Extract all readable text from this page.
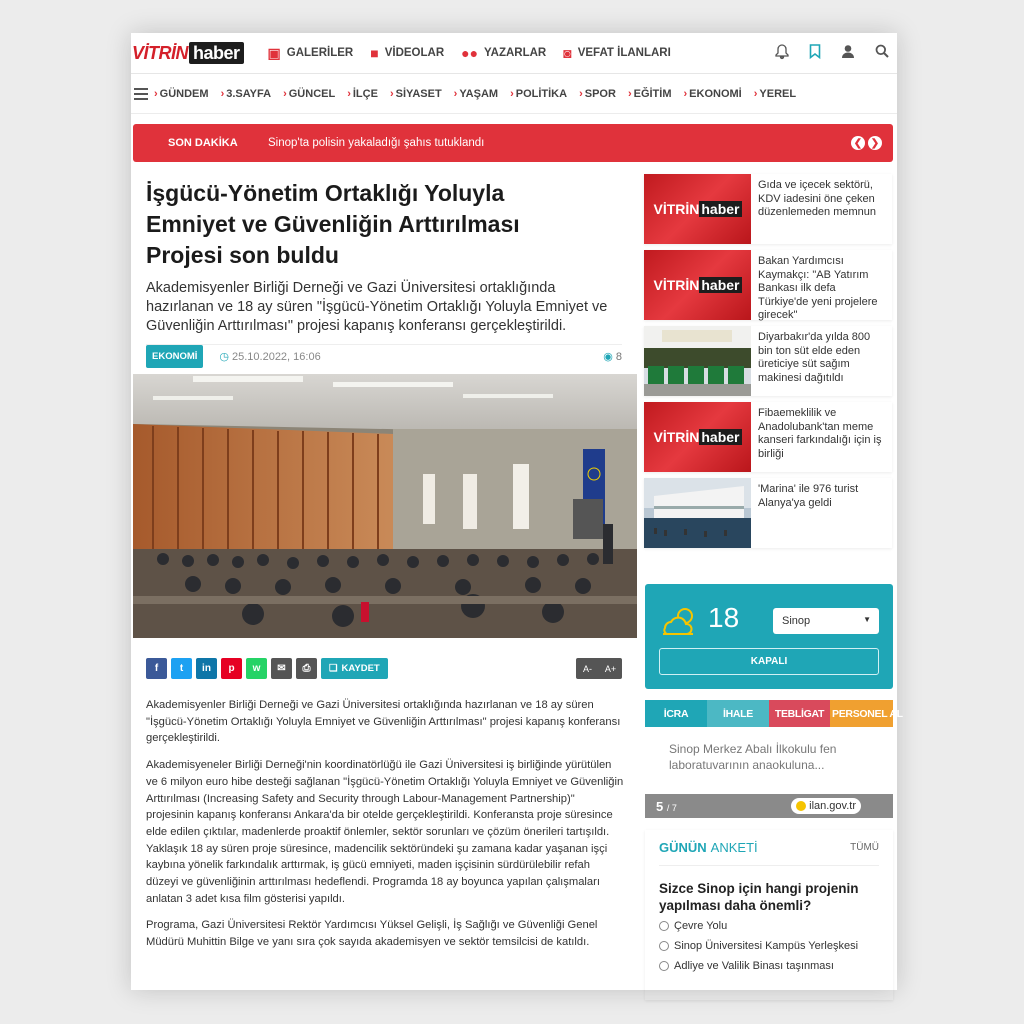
VİTRİN haber ▣ GALERİLER ■ VİDEOLAR ●● YAZARLAR ◙ VEFAT İLANLARI
› GÜNDEM › 3.SAYFA › GÜNCEL › İLÇE › SİYASET › YAŞAM › POLİTİKA › SPOR › EĞİTİM › EKONOMİ › YEREL
SON DAKİKA	Sinop'ta polisin yakaladığı şahıs tutuklandı	❮ ❯
İşgücü-Yönetim Ortaklığı Yoluyla Emniyet ve Güvenliğin Arttırılması Projesi son buldu

Akademisyenler Birliği Derneği ve Gazi Üniversitesi ortaklığında hazırlanan ve 18 ay süren "İşgücü-Yönetim Ortaklığı Yoluyla Emniyet ve Güvenliğin Arttırılması" projesi kapanış konferansı gerçekleştirildi.

EKONOMİ	◷ 25.10.2022, 16:06	◉ 8
f	t	in	p	w	✉	⎙	❏ KAYDET	A-	A+

Akademisyenler Birliği Derneği ve Gazi Üniversitesi ortaklığında hazırlanan ve 18 ay süren "İşgücü-Yönetim Ortaklığı Yoluyla Emniyet ve Güvenliğin Arttırılması" projesi kapanış konferansı gerçekleştirildi.

Akademisyeneler Birliği Derneği'nin koordinatörlüğü ile Gazi Üniversitesi iş birliğinde yürütülen ve 6 milyon euro hibe desteği sağlanan "İşgücü-Yönetim Ortaklığı Yoluyla Emniyet ve Güvenliğin Arttırılması (Increasing Safety and Security through Labour-Management Partnership)" projesinin kapanış konferansı Ankara'da bir otelde gerçekleştirildi. Konferansta proje süresince elde edilen çıktılar, madenlerde proaktif önlemler, sektör sorunları ve çözüm önerileri tartışıldı. Yaklaşık 18 ay süren proje süresince, madencilik sektöründeki şu zamana kadar yaşanan işçi kaybına yönelik farkındalık arttırmak, iş gücü emniyeti, maden işçisinin sürdürülebilir refah düzeyi ve güvenliğinin arttırılması hedeflendi. Programda 18 ay boyunca yapılan çalışmaları anlatan 3 adet kısa film gösterisi yapıldı.

Programa, Gazi Üniversitesi Rektör Yardımcısı Yüksel Gelişli, İş Sağlığı ve Güvenliği Genel Müdürü Muhittin Bilge ve yanı sıra çok sayıda akademisyen ve sektör temsilcisi de katıldı.

VİTRİN haber
Gıda ve içecek sektörü, KDV iadesini öne çeken düzenlemeden memnun
VİTRİN haber
Bakan Yardımcısı Kaymakçı: "AB Yatırım Bankası ilk defa Türkiye'de yeni projelere girecek"
Diyarbakır'da yılda 800 bin ton süt elde eden üreticiye süt sağım makinesi dağıtıldı
VİTRİN haber
Fibaemeklilik ve Anadolubank'tan meme kanseri farkındalığı için iş birliği
'Marina' ile 976 turist Alanya'ya geldi
18	Sinop	▼
KAPALI
İCRA	İHALE	TEBLİGAT PERSONEL AL
Sinop Merkez Abalı İlkokulu fen laboratuvarının anaokuluna...
5 / 7	ilan.gov.tr
GÜNÜN ANKETİ	TÜMÜ
Sizce Sinop için hangi projenin yapılması daha önemli?
Çevre Yolu
Sinop Üniversitesi Kampüs Yerleşkesi
Adliye ve Valilik Binası taşınması
